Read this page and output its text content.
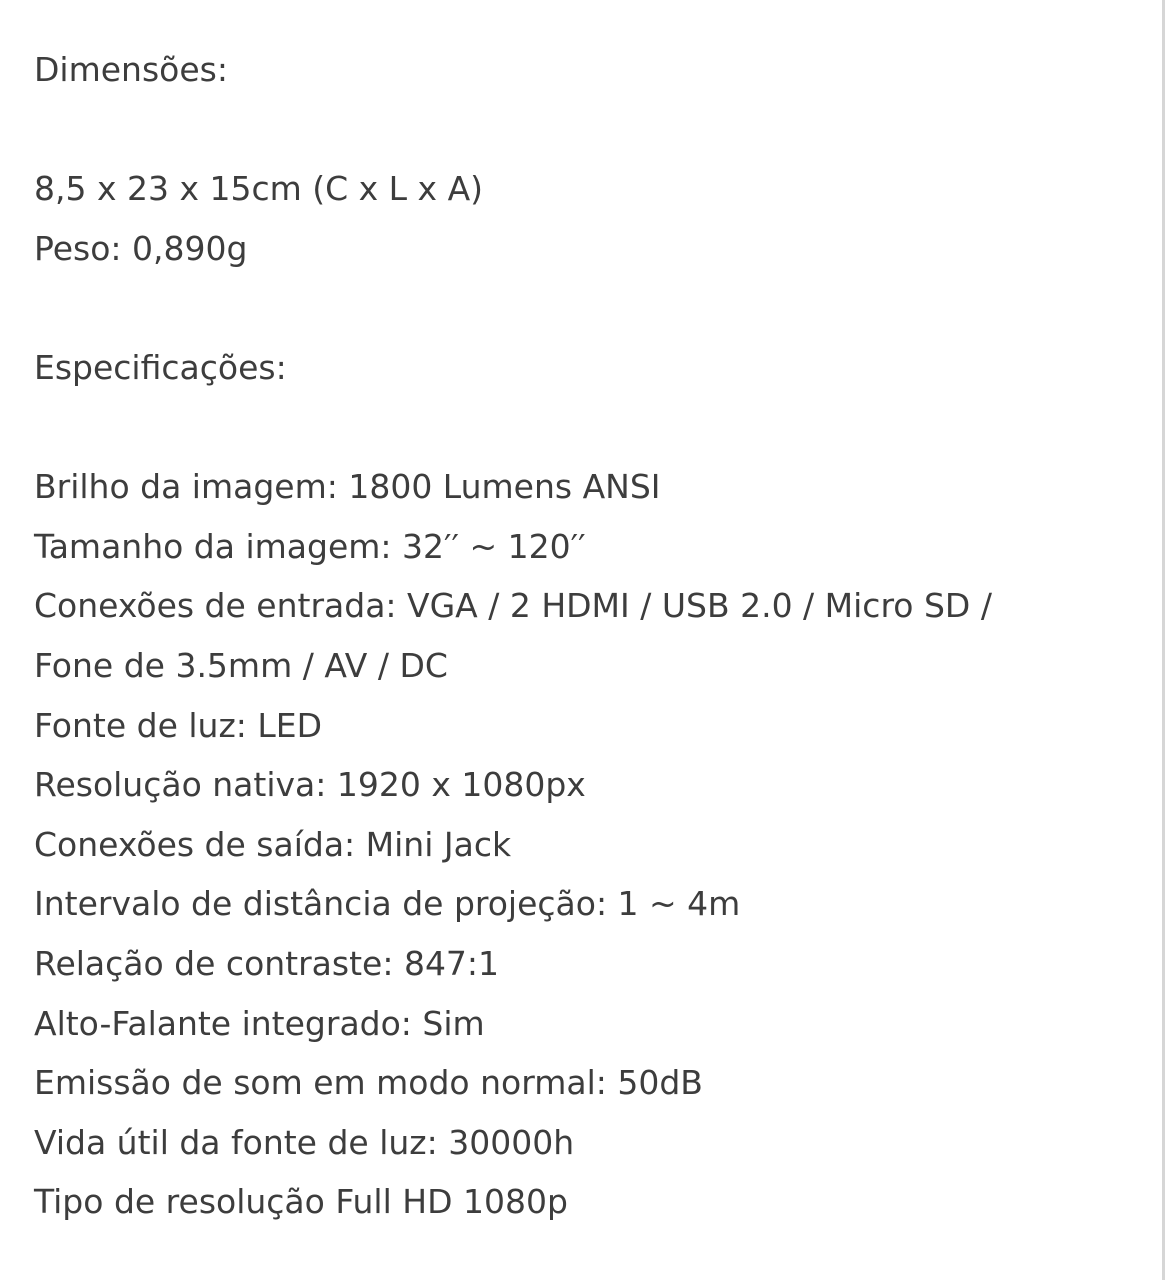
Dimensões:
8,5 x 23 x 15cm (C x L x A)
Peso: 0,890g
Especificações:
Brilho da imagem: 1800 Lumens ANSI
Tamanho da imagem: 32′′ ~ 120′′
Conexões de entrada: VGA / 2 HDMI / USB 2.0 / Micro SD /
Fone de 3.5mm / AV / DC
Fonte de luz: LED
Resolução nativa: 1920 x 1080px
Conexões de saída: Mini Jack
Intervalo de distância de projeção: 1 ~ 4m
Relação de contraste: 847:1
Alto-Falante integrado: Sim
Emissão de som em modo normal: 50dB
Vida útil da fonte de luz: 30000h
Tipo de resolução Full HD 1080p
